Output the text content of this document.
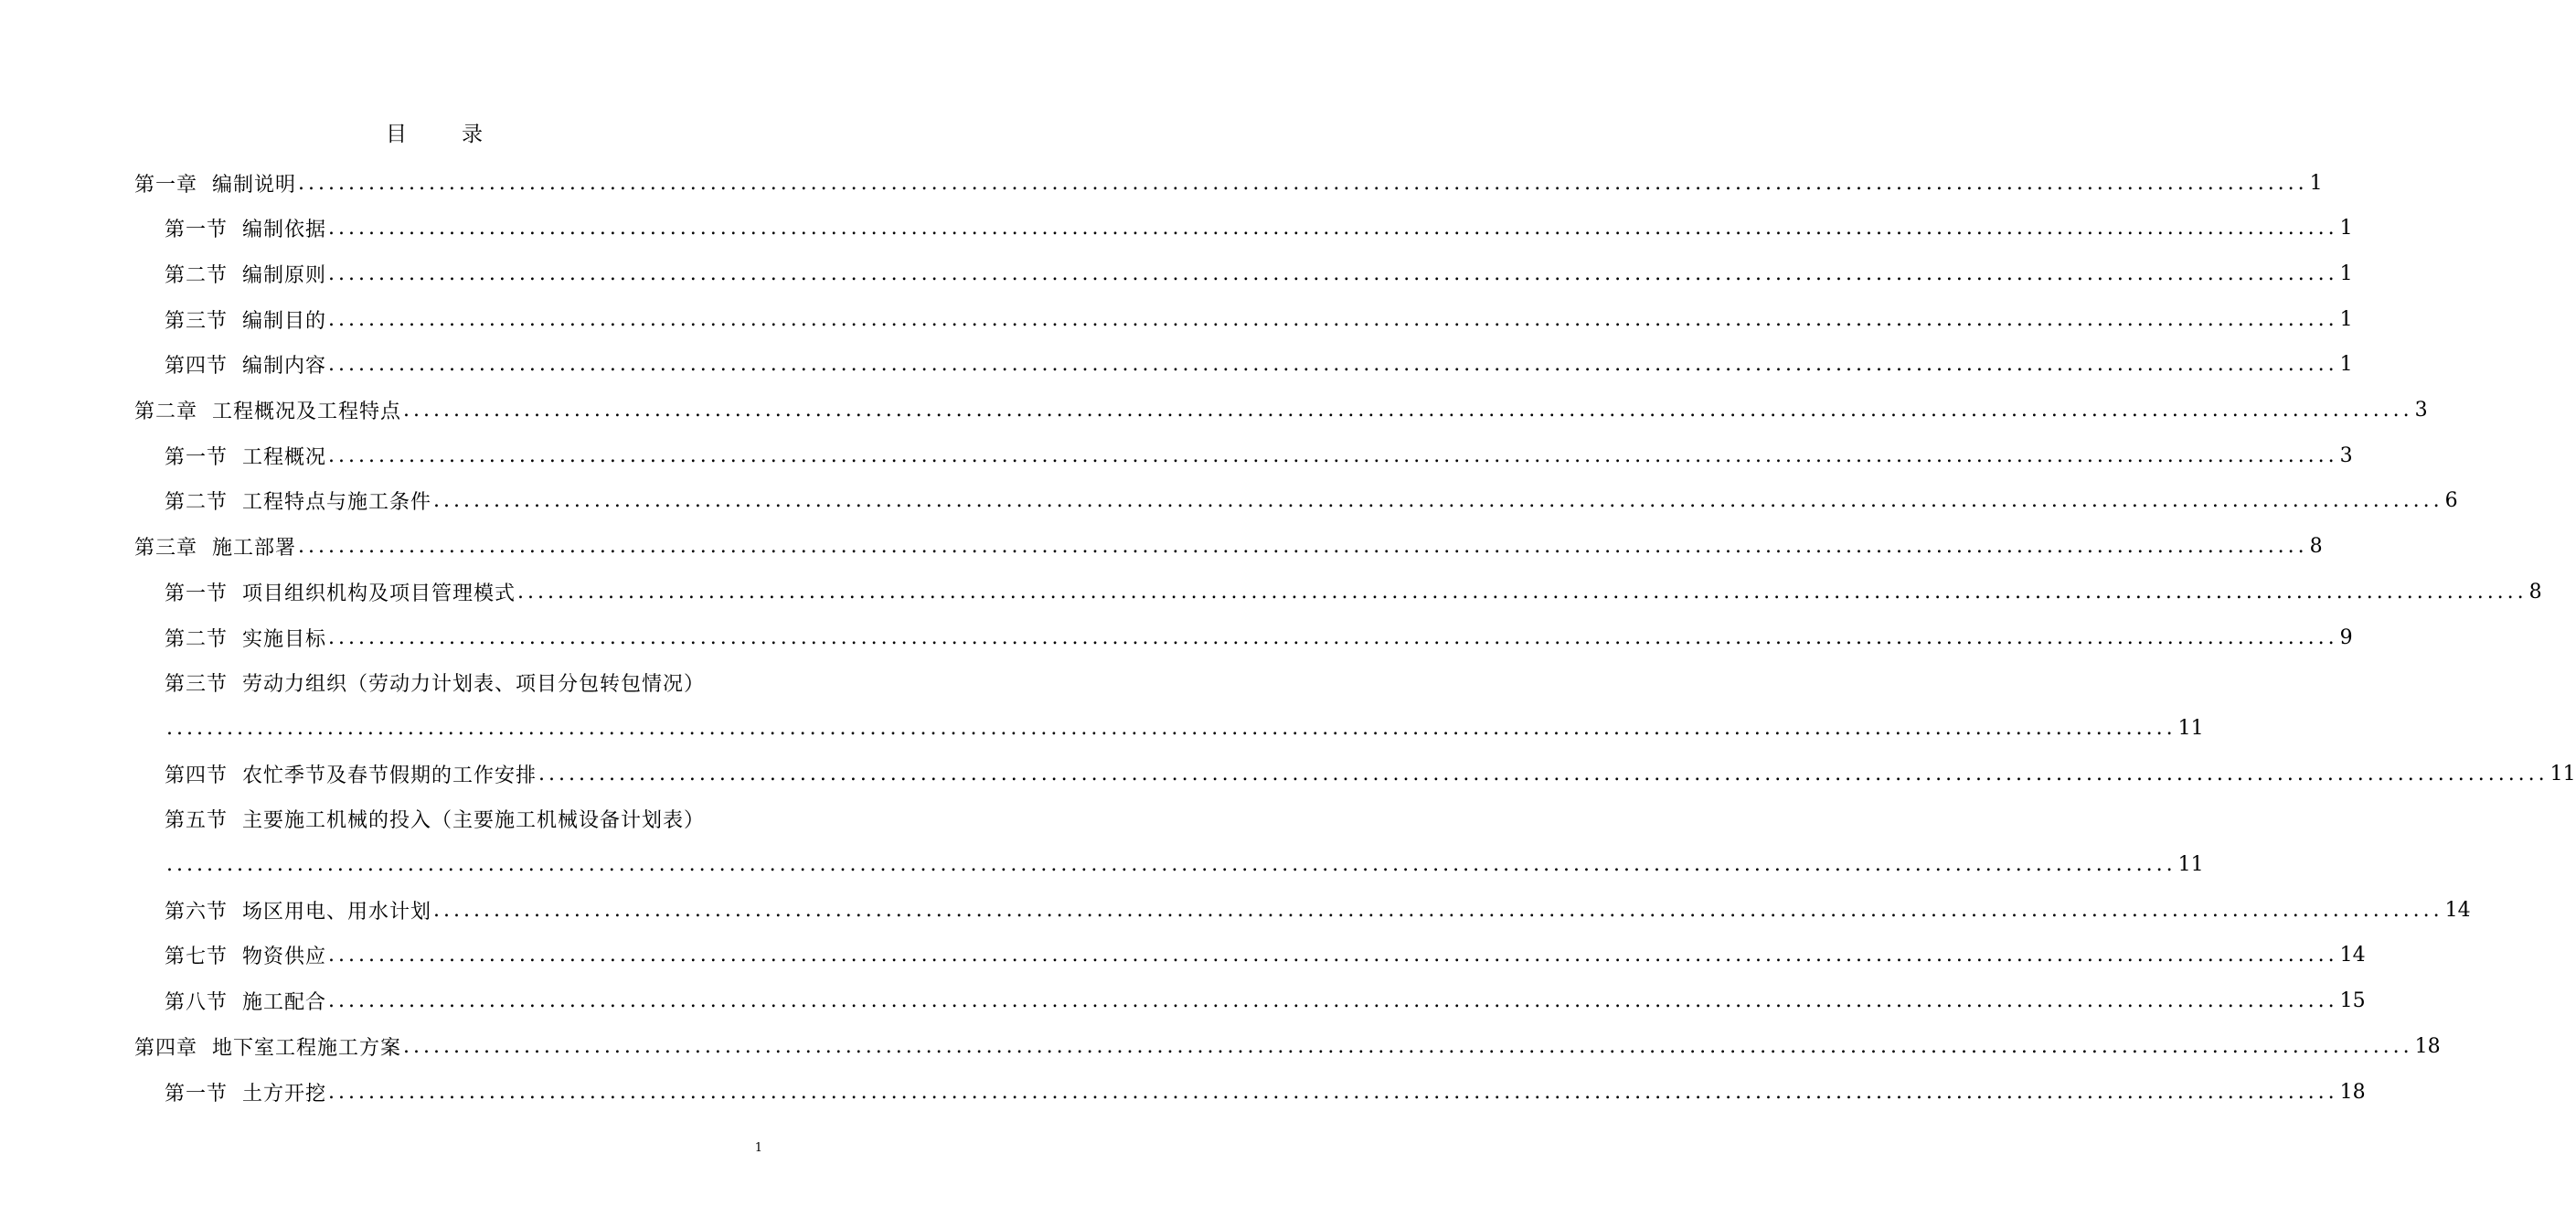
目	录
第一章 编制说明 ........................................................................................................................................................................................................ 1
第一节 编制依据 ........................................................................................................................................................................................................ 1
第二节 编制原则 ........................................................................................................................................................................................................ 1
第三节 编制目的 ........................................................................................................................................................................................................ 1
第四节 编制内容 ........................................................................................................................................................................................................ 1
第二章 工程概况及工程特点 ........................................................................................................................................................................................................ 3
第一节 工程概况 ........................................................................................................................................................................................................ 3
第二节 工程特点与施工条件 ........................................................................................................................................................................................................ 6
第三章 施工部署 ........................................................................................................................................................................................................ 8
第一节 项目组织机构及项目管理模式 ........................................................................................................................................................................................................ 8
第二节 实施目标 ........................................................................................................................................................................................................ 9
第三节 劳动力组织（劳动力计划表、项目分包转包情况）
........................................................................................................................................................................................................ 11
第四节 农忙季节及春节假期的工作安排 ........................................................................................................................................................................................................ 11
第五节 主要施工机械的投入（主要施工机械设备计划表）
........................................................................................................................................................................................................ 11
第六节 场区用电、用水计划 ........................................................................................................................................................................................................ 14
第七节 物资供应 ........................................................................................................................................................................................................ 14
第八节 施工配合 ........................................................................................................................................................................................................ 15
第四章 地下室工程施工方案 ........................................................................................................................................................................................................ 18
第一节 土方开挖 ........................................................................................................................................................................................................ 18
1
